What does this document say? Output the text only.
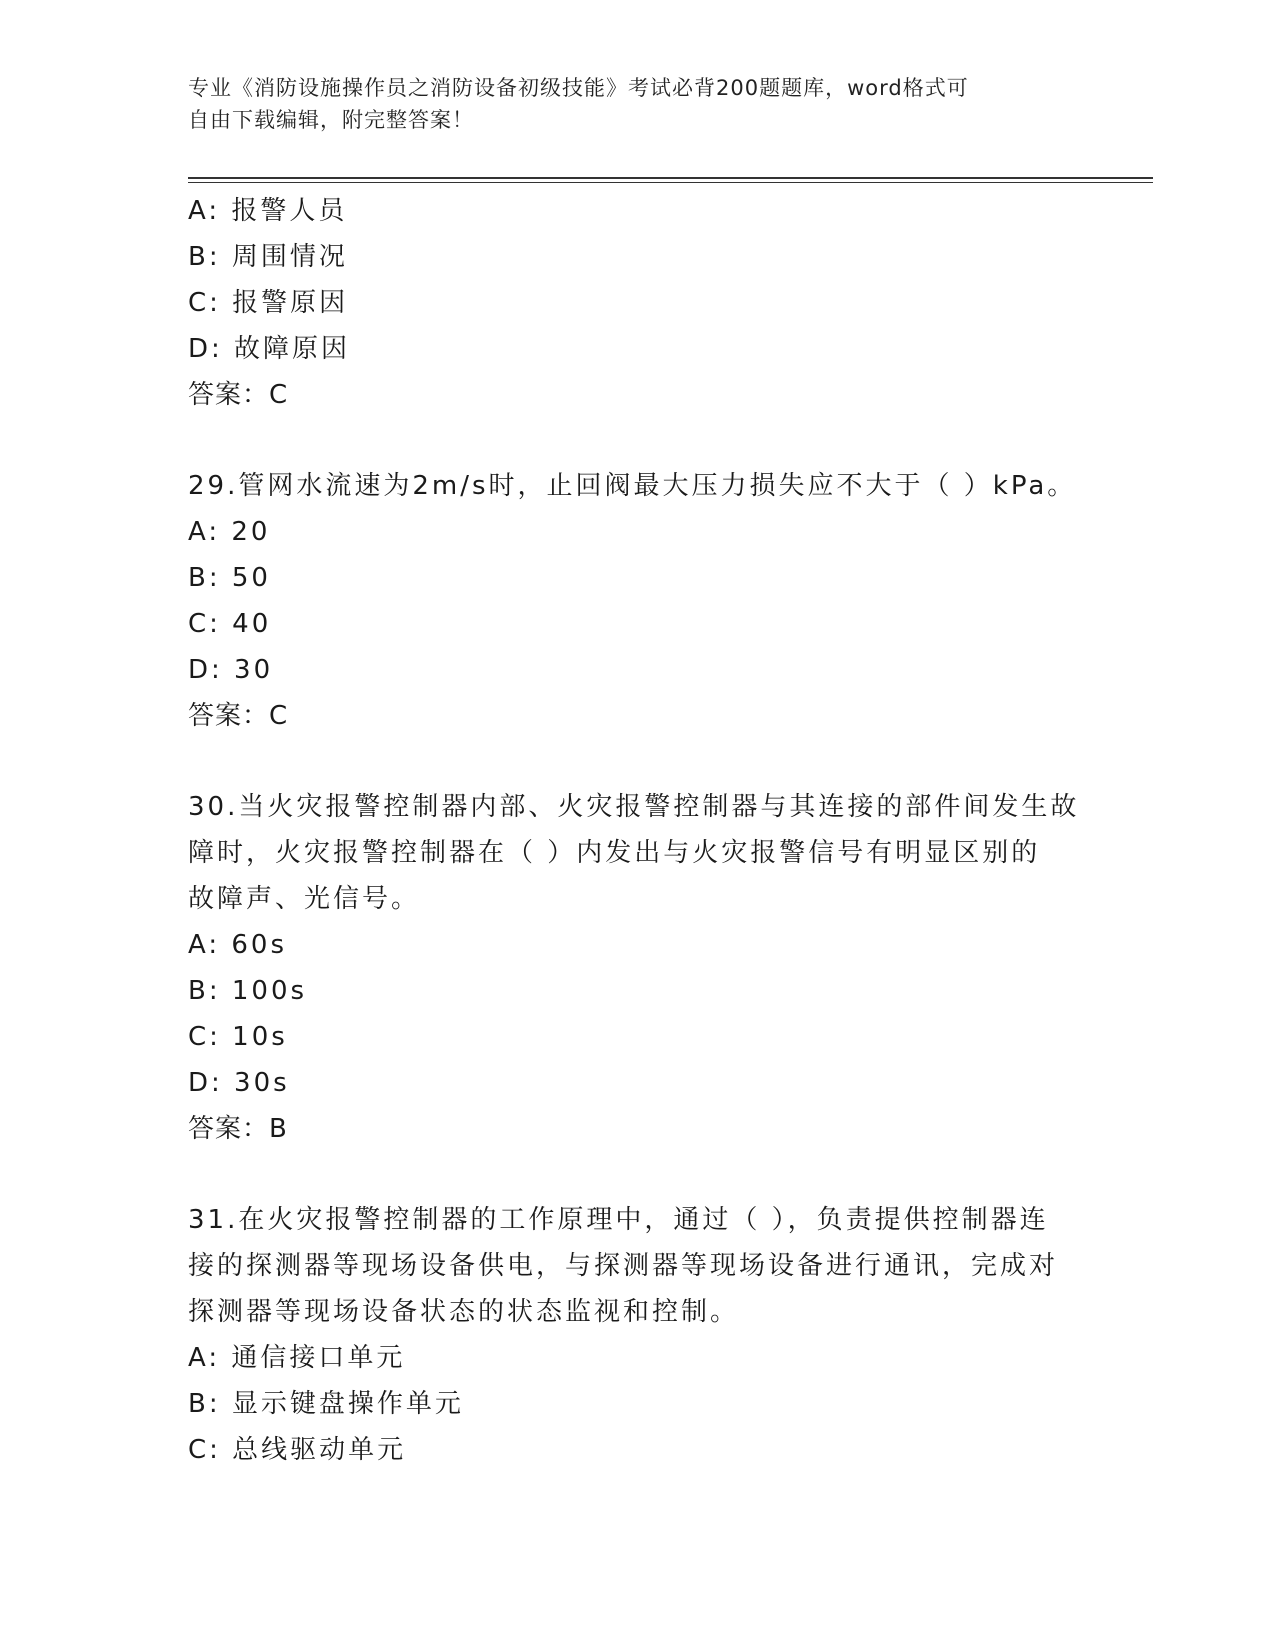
专业《消防设施操作员之消防设备初级技能》考试必背200题题库，word格式可
自由下载编辑，附完整答案！
A: 报警人员
B: 周围情况
C: 报警原因
D: 故障原因
答案：C
29.管网水流速为2m/s时，止回阀最大压力损失应不大于（ ）kPa。
A: 20
B: 50
C: 40
D: 30
答案：C
30.当火灾报警控制器内部、火灾报警控制器与其连接的部件间发生故
障时，火灾报警控制器在（ ）内发出与火灾报警信号有明显区别的
故障声、光信号。
A: 60s
B: 100s
C: 10s
D: 30s
答案：B
31.在火灾报警控制器的工作原理中，通过（ ），负责提供控制器连
接的探测器等现场设备供电，与探测器等现场设备进行通讯，完成对
探测器等现场设备状态的状态监视和控制。
A: 通信接口单元
B: 显示键盘操作单元
C: 总线驱动单元
